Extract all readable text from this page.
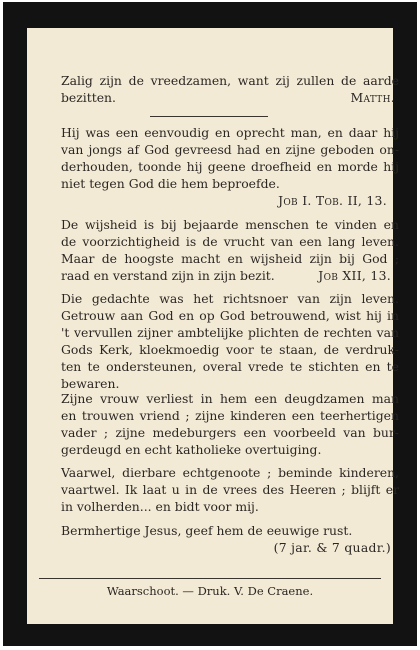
Zalig zijn de vreedzamen, want zij zullen de aarde
bezitten.	Matth.
Hij was een eenvoudig en oprecht man, en daar hij
van jongs af God gevreesd had en zijne geboden on-
derhouden, toonde hij geene droefheid en morde hij
niet tegen God die hem beproefde.
Job I. Tob. II, 13.
De wijsheid is bij bejaarde menschen te vinden en
de voorzichtigheid is de vrucht van een lang leven.
Maar de hoogste macht en wijsheid zijn bij God ;
raad en verstand zijn in zijn bezit.	Job XII, 13.
Die gedachte was het richtsnoer van zijn leven.
Getrouw aan God en op God betrouwend, wist hij in
't vervullen zijner ambtelijke plichten de rechten van
Gods Kerk, kloekmoedig voor te staan, de verdruk-
ten te ondersteunen, overal vrede te stichten en te
bewaren.
Zijne vrouw verliest in hem een deugdzamen man
en trouwen vriend ; zijne kinderen een teerhertigen
vader ; zijne medeburgers een voorbeeld van bur-
gerdeugd en echt katholieke overtuiging.
Vaarwel, dierbare echtgenoote ; beminde kinderen,
vaartwel. Ik laat u in de vrees des Heeren ; blijft er
in volherden... en bidt voor mij.
Bermhertige Jesus, geef hem de eeuwige rust.
(7 jar. & 7 quadr.)
Waarschoot. — Druk. V. De Craene.
